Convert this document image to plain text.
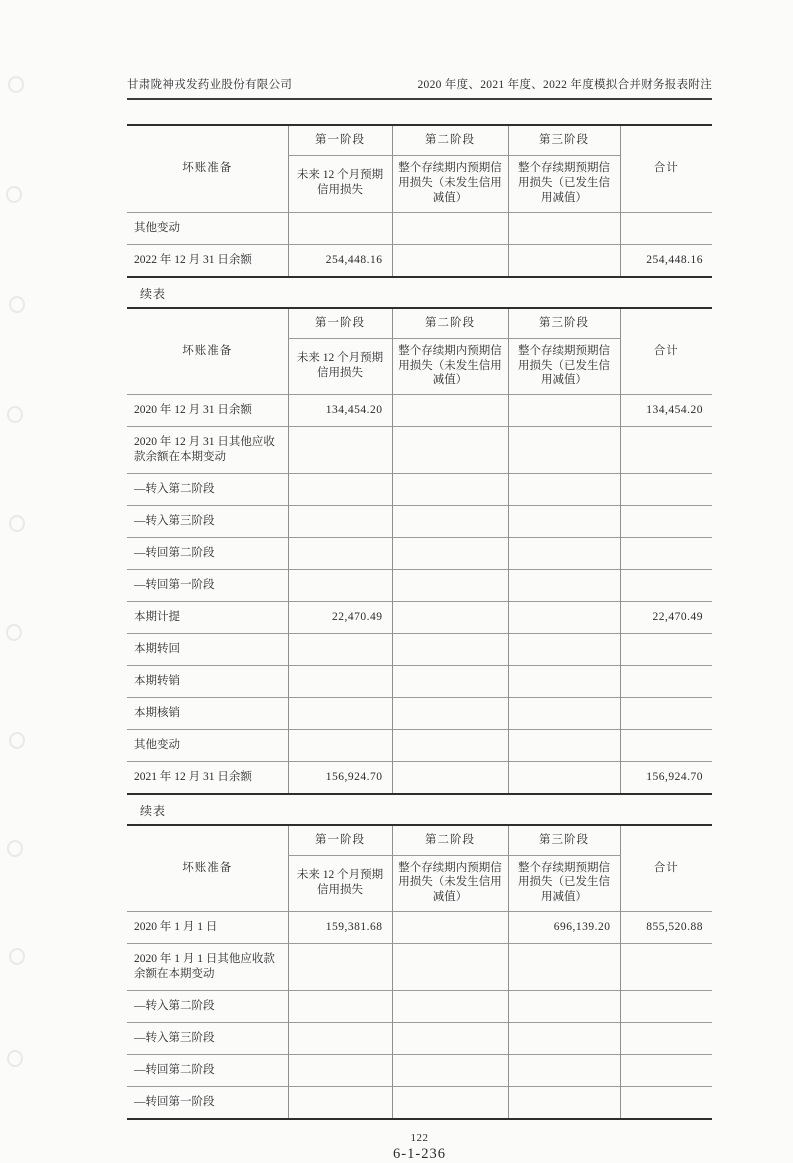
甘肃陇神戎发药业股份有限公司	2020 年度、2021 年度、2022 年度模拟合并财务报表附注
坏账准备	第一阶段	第二阶段	第三阶段	合计
	未来 12 个月预期信用损失	整个存续期内预期信用损失（未发生信用减值）	整个存续期预期信用损失（已发生信用减值）	
其他变动				
2022 年 12 月 31 日余额	254,448.16			254,448.16
续表
坏账准备	第一阶段	第二阶段	第三阶段	合计
	未来 12 个月预期信用损失	整个存续期内预期信用损失（未发生信用减值）	整个存续期预期信用损失（已发生信用减值）	
2020 年 12 月 31 日余额	134,454.20			134,454.20
2020 年 12 月 31 日其他应收款余额在本期变动				
—转入第二阶段				
—转入第三阶段				
—转回第二阶段				
—转回第一阶段				
本期计提	22,470.49			22,470.49
本期转回				
本期转销				
本期核销				
其他变动				
2021 年 12 月 31 日余额	156,924.70			156,924.70
续表
坏账准备	第一阶段	第二阶段	第三阶段	合计
	未来 12 个月预期信用损失	整个存续期内预期信用损失（未发生信用减值）	整个存续期预期信用损失（已发生信用减值）	
2020 年 1 月 1 日	159,381.68		696,139.20	855,520.88
2020 年 1 月 1 日其他应收款余额在本期变动				
—转入第二阶段				
—转入第三阶段				
—转回第二阶段				
—转回第一阶段				
122
6-1-236
